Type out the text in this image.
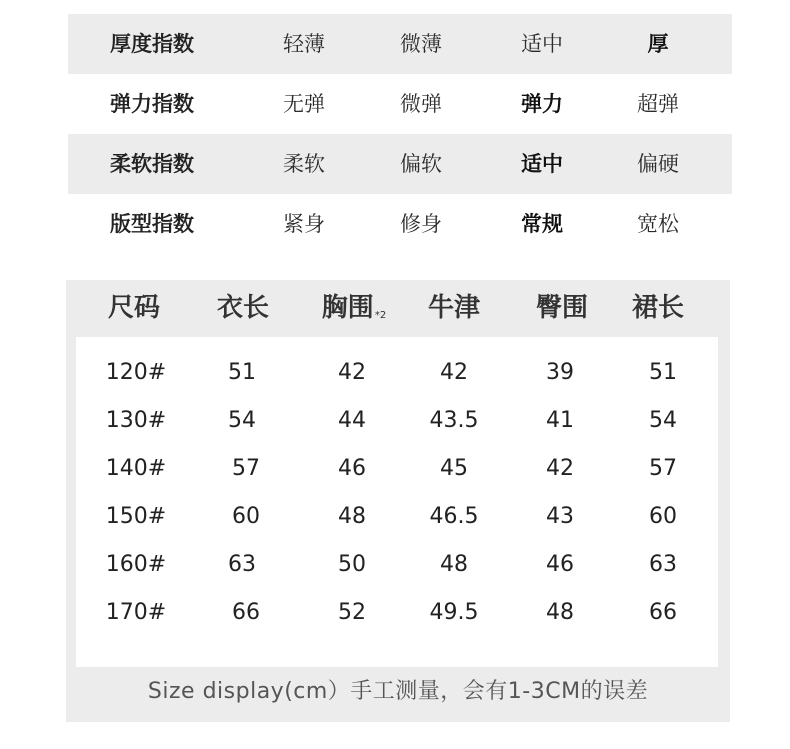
厚度指数	轻薄	微薄	适中	厚
弹力指数	无弹	微弹	弹力	超弹
柔软指数	柔软	偏软	适中	偏硬
版型指数	紧身	修身	常规	宽松
尺码 衣长 胸围$_{*2}$ 牛津 臀围 裙长
120#	51	42	42	39	51
130#	54	44	43.5	41	54
140#	57	46	45	42	57
150#	60	48	46.5	43	60
160#	63	50	48	46	63
170#	66	52	49.5	48	66
Size display(cm）手工测量，会有1-3CM的误差
